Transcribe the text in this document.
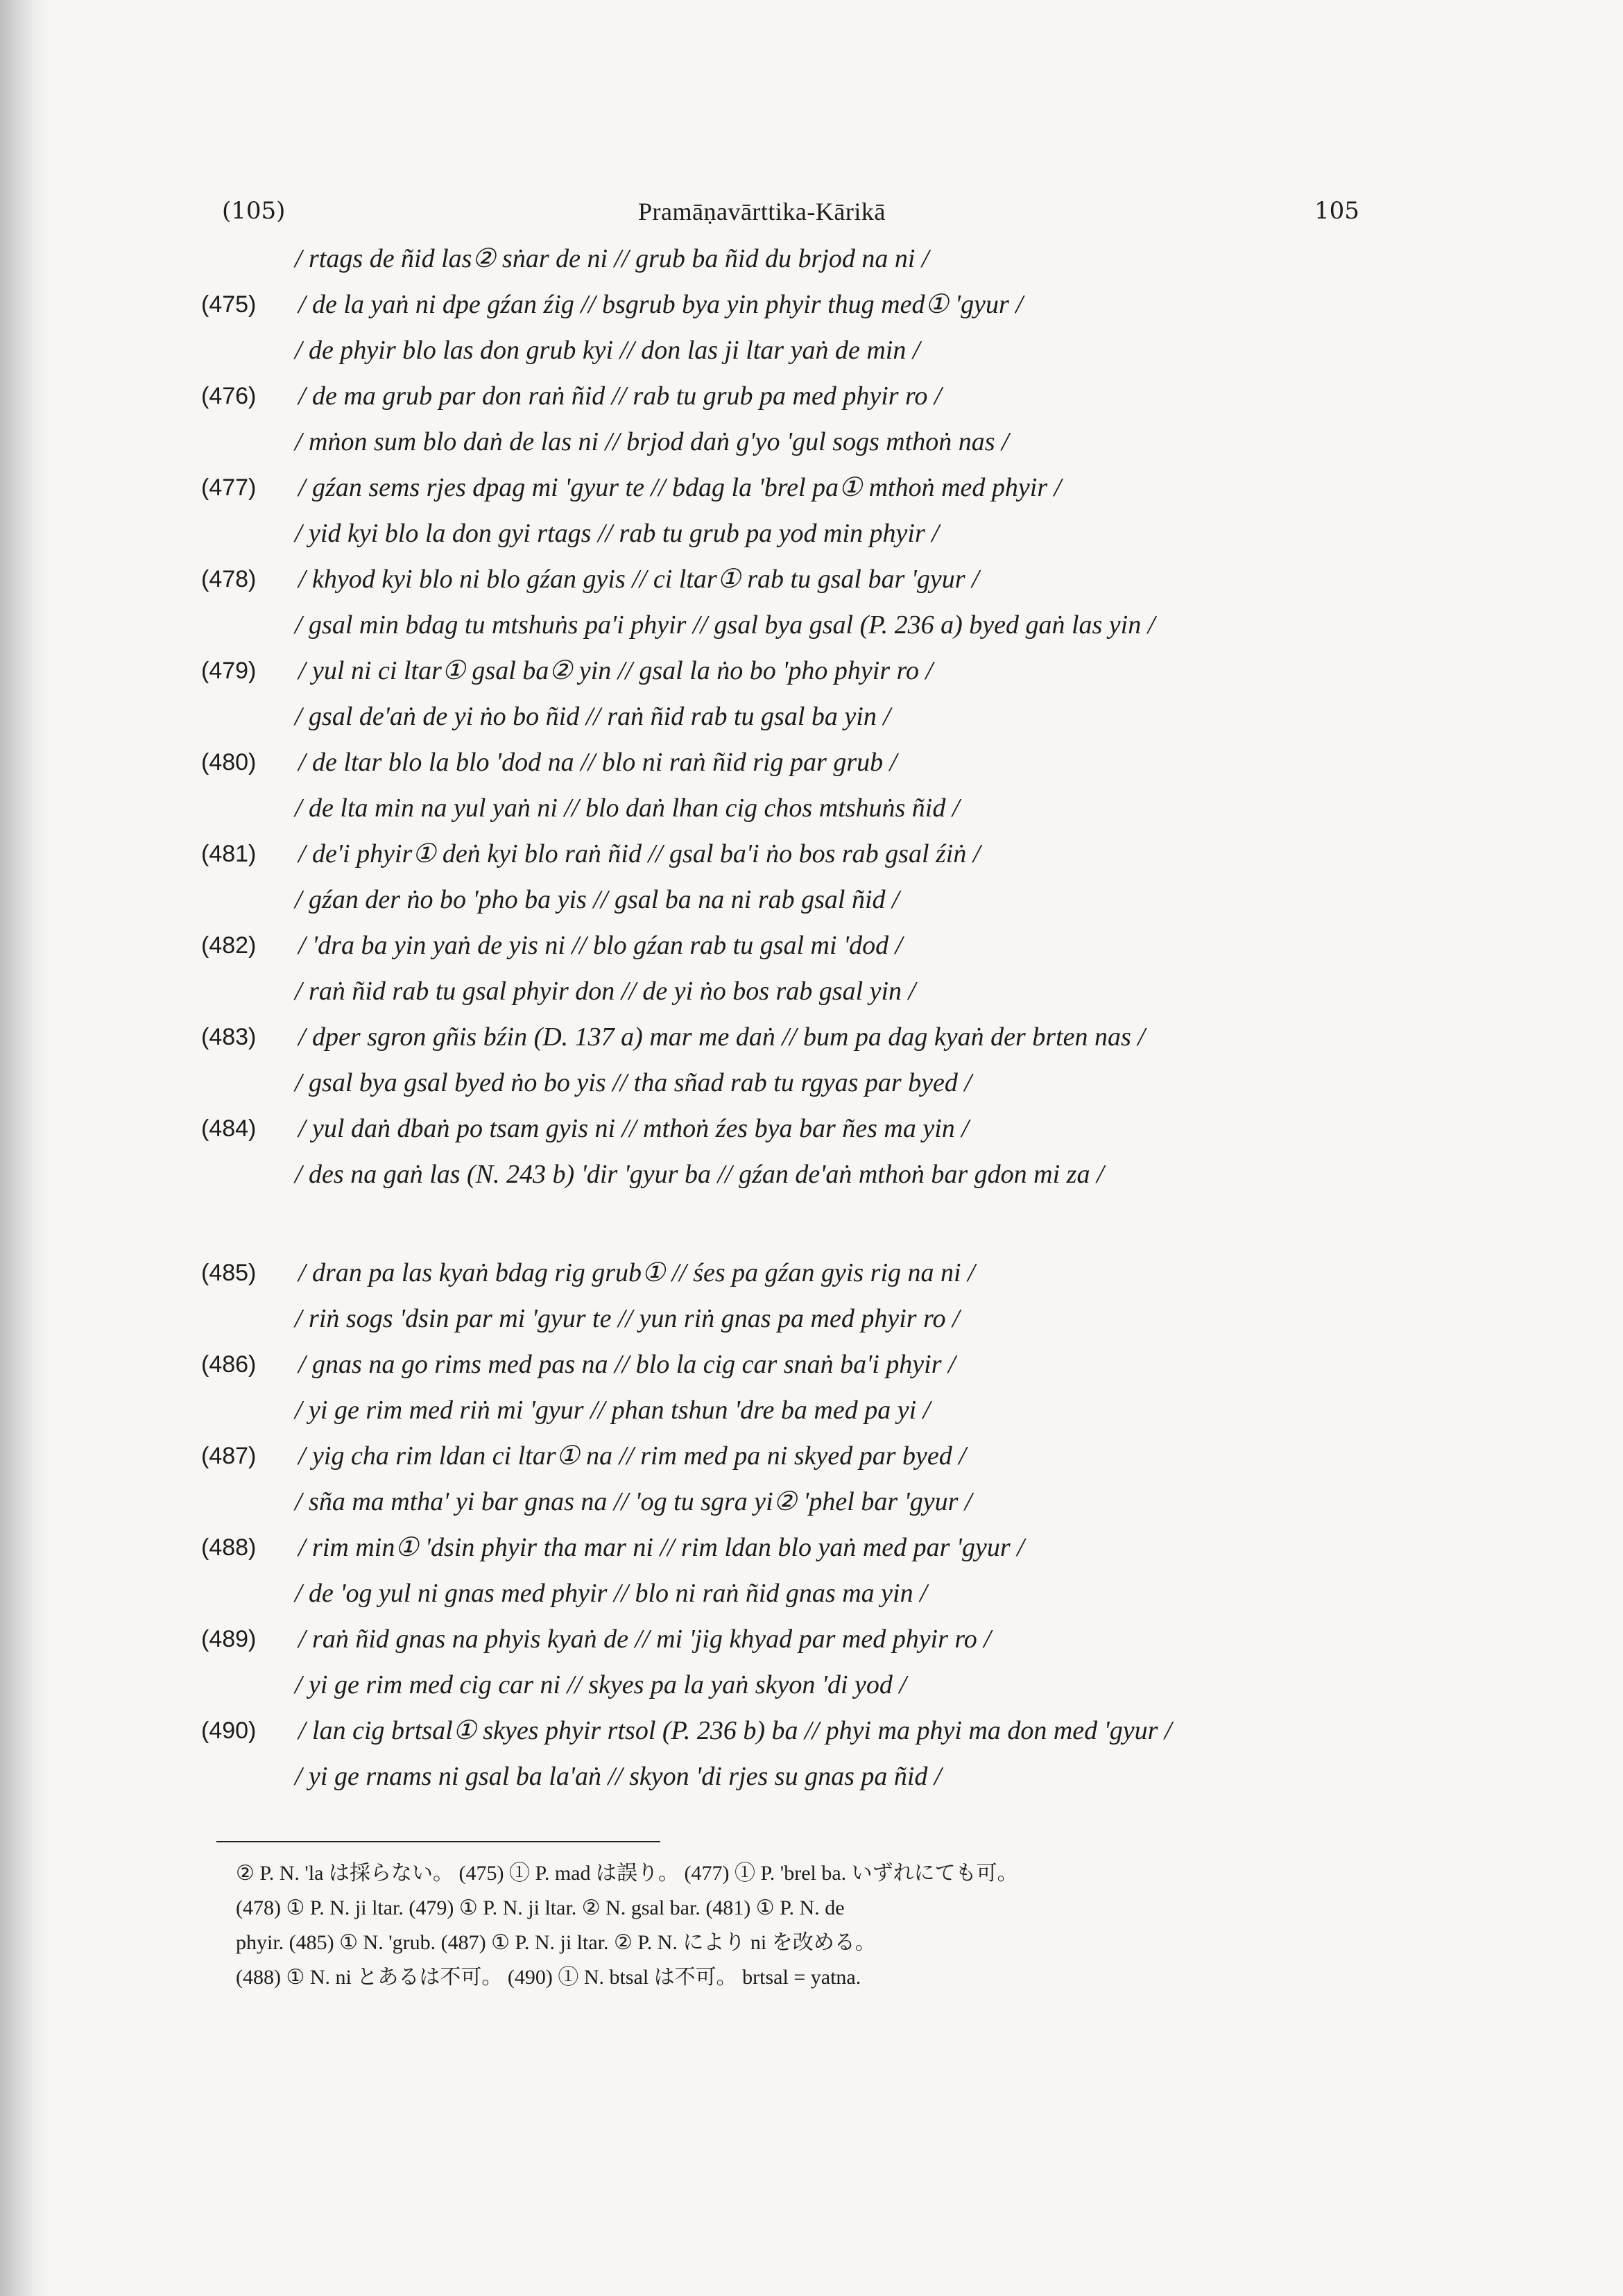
(105)	Pramāṇavārttika-Kārikā	105
/ rtags de ñid las② sṅar de ni // grub ba ñid du brjod na ni /
(475)	/ de la yaṅ ni dpe gźan źig // bsgrub bya yin phyir thug med① 'gyur /
/ de phyir blo las don grub kyi // don las ji ltar yaṅ de min /
(476)	/ de ma grub par don raṅ ñid // rab tu grub pa med phyir ro /
/ mṅon sum blo daṅ de las ni // brjod daṅ g'yo 'gul sogs mthoṅ nas /
(477)	/ gźan sems rjes dpag mi 'gyur te // bdag la 'brel pa① mthoṅ med phyir /
/ yid kyi blo la don gyi rtags // rab tu grub pa yod min phyir /
(478)	/ khyod kyi blo ni blo gźan gyis // ci ltar① rab tu gsal bar 'gyur /
/ gsal min bdag tu mtshuṅs pa'i phyir // gsal bya gsal (P. 236 a) byed gaṅ las yin /
(479)	/ yul ni ci ltar① gsal ba② yin // gsal la ṅo bo 'pho phyir ro /
/ gsal de'aṅ de yi ṅo bo ñid // raṅ ñid rab tu gsal ba yin /
(480)	/ de ltar blo la blo 'dod na // blo ni raṅ ñid rig par grub /
/ de lta min na yul yaṅ ni // blo daṅ lhan cig chos mtshuṅs ñid /
(481)	/ de'i phyir① deṅ kyi blo raṅ ñid // gsal ba'i ṅo bos rab gsal źiṅ /
/ gźan der ṅo bo 'pho ba yis // gsal ba na ni rab gsal ñid /
(482)	/ 'dra ba yin yaṅ de yis ni // blo gźan rab tu gsal mi 'dod /
/ raṅ ñid rab tu gsal phyir don // de yi ṅo bos rab gsal yin /
(483)	/ dper sgron gñis bźin (D. 137 a) mar me daṅ // bum pa dag kyaṅ der brten nas /
/ gsal bya gsal byed ṅo bo yis // tha sñad rab tu rgyas par byed /
(484)	/ yul daṅ dbaṅ po tsam gyis ni // mthoṅ źes bya bar ñes ma yin /
/ des na gaṅ las (N. 243 b) 'dir 'gyur ba // gźan de'aṅ mthoṅ bar gdon mi za /
(485)	/ dran pa las kyaṅ bdag rig grub① // śes pa gźan gyis rig na ni /
/ riṅ sogs 'dsin par mi 'gyur te // yun riṅ gnas pa med phyir ro /
(486)	/ gnas na go rims med pas na // blo la cig car snaṅ ba'i phyir /
/ yi ge rim med riṅ mi 'gyur // phan tshun 'dre ba med pa yi /
(487)	/ yig cha rim ldan ci ltar① na // rim med pa ni skyed par byed /
/ sña ma mtha' yi bar gnas na // 'og tu sgra yi② 'phel bar 'gyur /
(488)	/ rim min① 'dsin phyir tha mar ni // rim ldan blo yaṅ med par 'gyur /
/ de 'og yul ni gnas med phyir // blo ni raṅ ñid gnas ma yin /
(489)	/ raṅ ñid gnas na phyis kyaṅ de // mi 'jig khyad par med phyir ro /
/ yi ge rim med cig car ni // skyes pa la yaṅ skyon 'di yod /
(490)	/ lan cig brtsal① skyes phyir rtsol (P. 236 b) ba // phyi ma phyi ma don med 'gyur /
/ yi ge rnams ni gsal ba la'aṅ // skyon 'di rjes su gnas pa ñid /
② P. N. 'la は採らない。 (475) ① P. mad は誤り。 (477) ① P. 'brel ba. いずれにても可。
(478) ① P. N. ji ltar. (479) ① P. N. ji ltar. ② N. gsal bar. (481) ① P. N. de
phyir. (485) ① N. 'grub. (487) ① P. N. ji ltar. ② P. N. により ni を改める。
(488) ① N. ni とあるは不可。 (490) ① N. btsal は不可。 brtsal = yatna.
